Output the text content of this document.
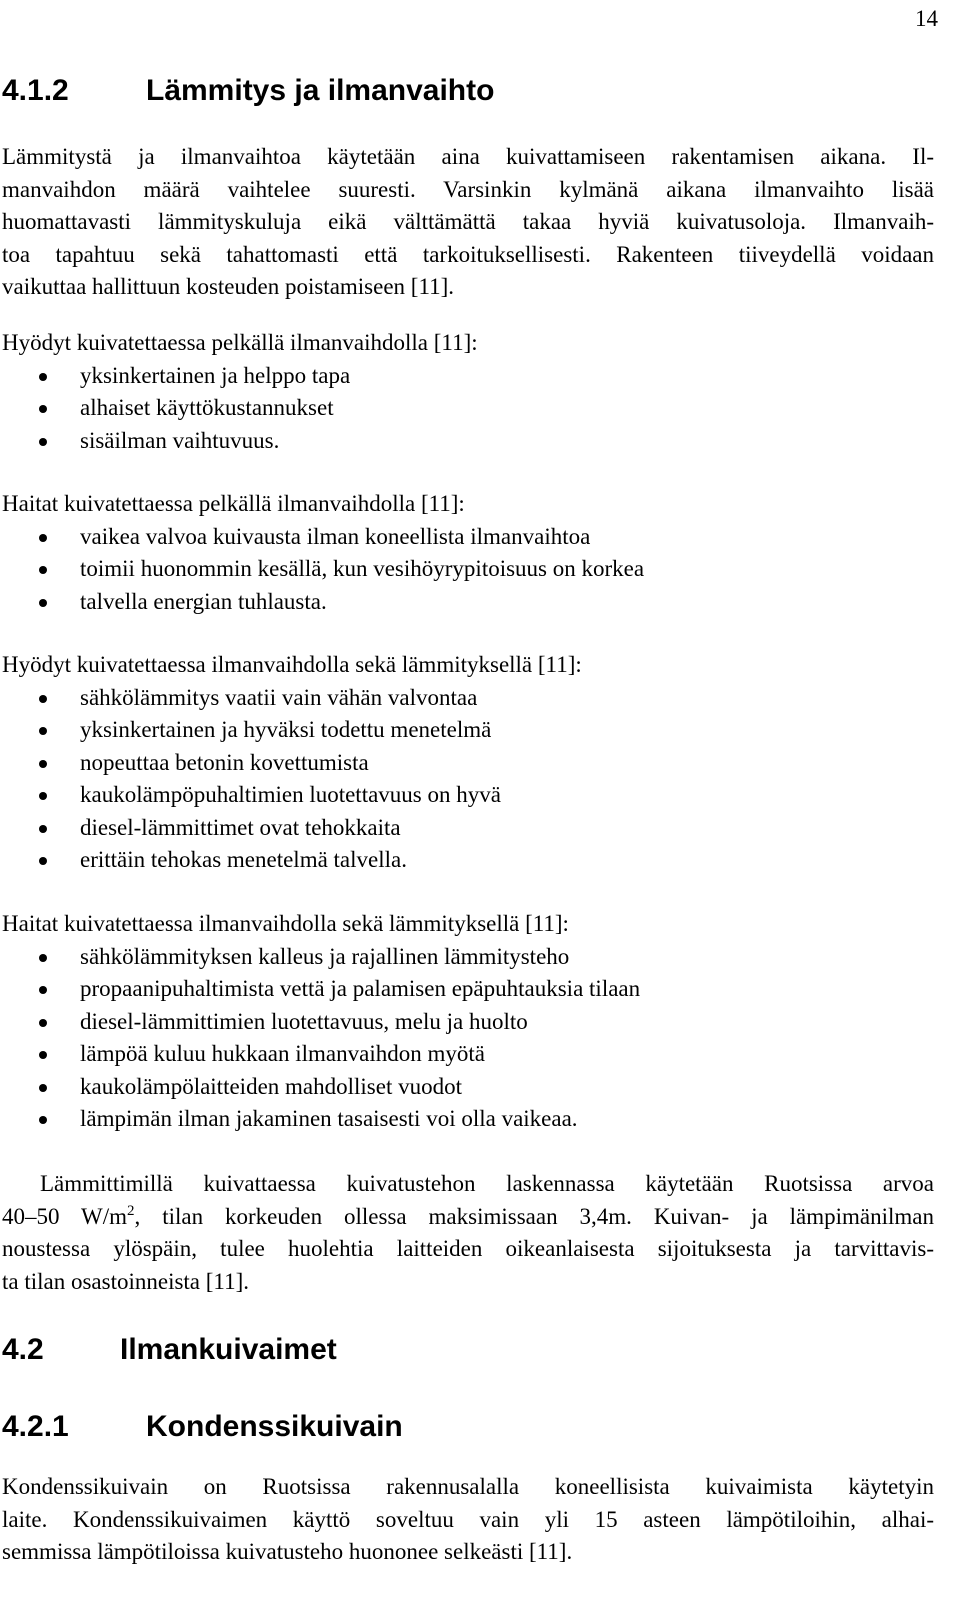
14
4.1.2	Lämmitys ja ilmanvaihto
Lämmitystä ja ilmanvaihtoa käytetään aina kuivattamiseen rakentamisen aikana. Il-
manvaihdon määrä vaihtelee suuresti. Varsinkin kylmänä aikana ilmanvaihto lisää
huomattavasti lämmityskuluja eikä välttämättä takaa hyviä kuivatusoloja. Ilmanvaih-
toa tapahtuu sekä tahattomasti että tarkoituksellisesti. Rakenteen tiiveydellä voidaan
vaikuttaa hallittuun kosteuden poistamiseen [11].
Hyödyt kuivatettaessa pelkällä ilmanvaihdolla [11]:
yksinkertainen ja helppo tapa
alhaiset käyttökustannukset
sisäilman vaihtuvuus.
Haitat kuivatettaessa pelkällä ilmanvaihdolla [11]:
vaikea valvoa kuivausta ilman koneellista ilmanvaihtoa
toimii huonommin kesällä, kun vesihöyrypitoisuus on korkea
talvella energian tuhlausta.
Hyödyt kuivatettaessa ilmanvaihdolla sekä lämmityksellä [11]:
sähkölämmitys vaatii vain vähän valvontaa
yksinkertainen ja hyväksi todettu menetelmä
nopeuttaa betonin kovettumista
kaukolämpöpuhaltimien luotettavuus on hyvä
diesel-lämmittimet ovat tehokkaita
erittäin tehokas menetelmä talvella.
Haitat kuivatettaessa ilmanvaihdolla sekä lämmityksellä [11]:
sähkölämmityksen kalleus ja rajallinen lämmitysteho
propaanipuhaltimista vettä ja palamisen epäpuhtauksia tilaan
diesel-lämmittimien luotettavuus, melu ja huolto
lämpöä kuluu hukkaan ilmanvaihdon myötä
kaukolämpölaitteiden mahdolliset vuodot
lämpimän ilman jakaminen tasaisesti voi olla vaikeaa.
Lämmittimillä kuivattaessa kuivatustehon laskennassa käytetään Ruotsissa arvoa
40–50 $W/m^2$, tilan korkeuden ollessa maksimissaan 3,4m. Kuivan- ja lämpimänilman
noustessa ylöspäin, tulee huolehtia laitteiden oikeanlaisesta sijoituksesta ja tarvittavis-
ta tilan osastoinneista [11].
4.2	Ilmankuivaimet
4.2.1	Kondenssikuivain
Kondenssikuivain on Ruotsissa rakennusalalla koneellisista kuivaimista käytetyin
laite. Kondenssikuivaimen käyttö soveltuu vain yli 15 asteen lämpötiloihin, alhai-
semmissa lämpötiloissa kuivatusteho huononee selkeästi [11].
